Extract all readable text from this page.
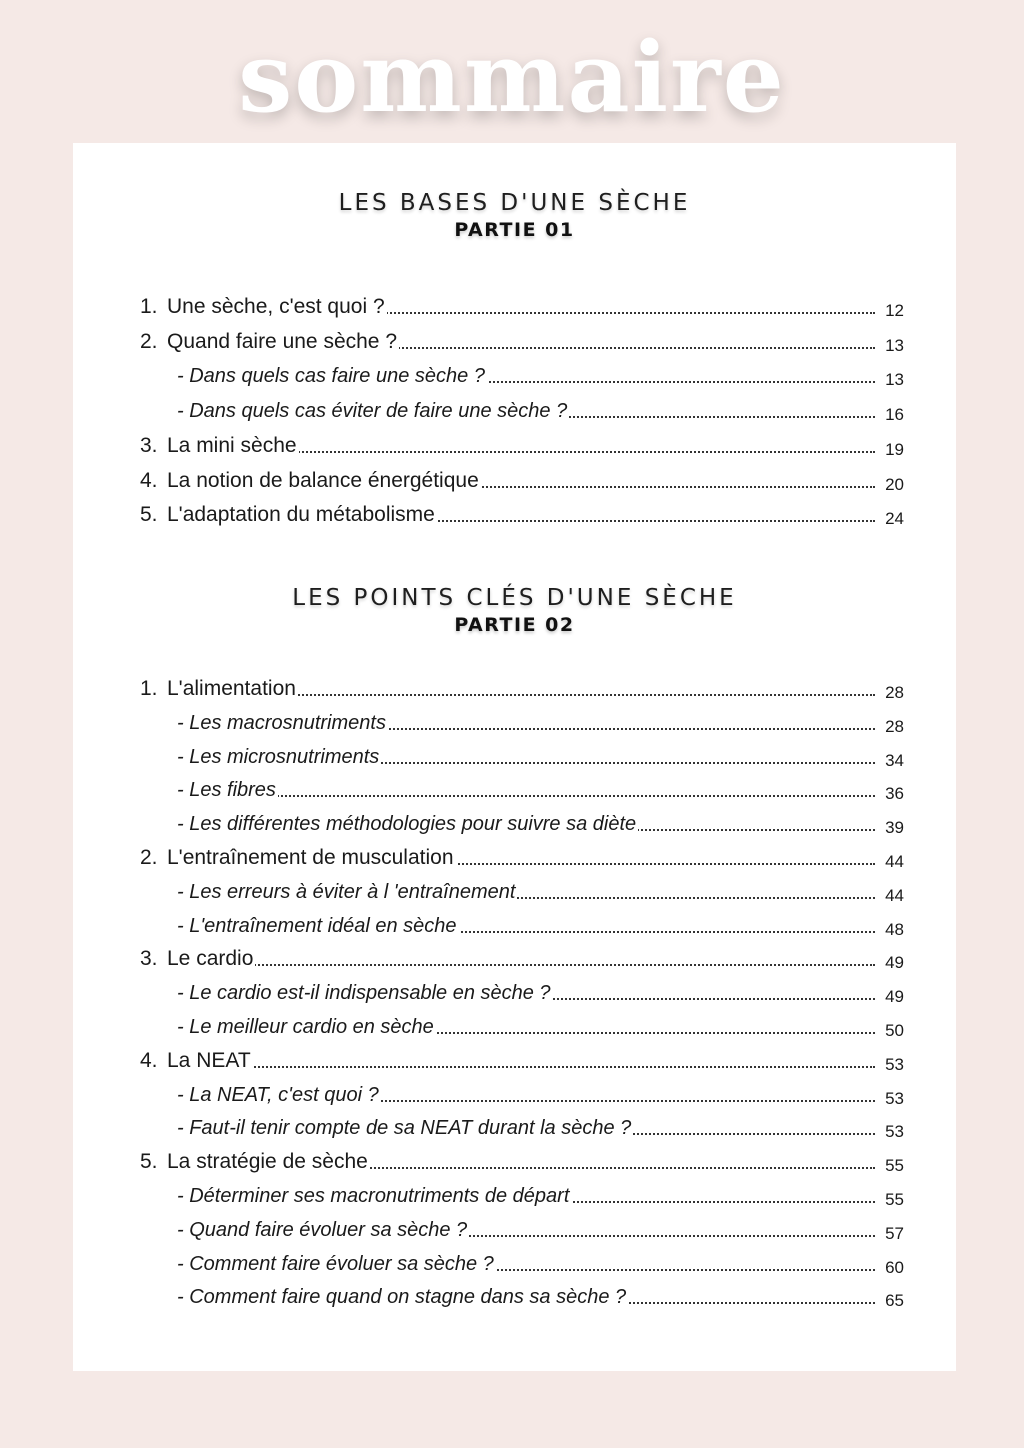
sommaire
LES BASES D'UNE SÈCHE
PARTIE 01
1. Une sèche, c'est quoi ?	12
2. Quand faire une sèche ?	13
- Dans quels cas faire une sèche ?	13
- Dans quels cas éviter de faire une sèche ?	16
3. La mini sèche	19
4. La notion de balance énergétique	20
5. L'adaptation du métabolisme	24
LES POINTS CLÉS D'UNE SÈCHE
PARTIE 02
1. L'alimentation	28
- Les macrosnutriments	28
- Les microsnutriments	34
- Les fibres	36
- Les différentes méthodologies pour suivre sa diète	39
2. L'entraînement de musculation	44
- Les erreurs à éviter à l 'entraînement	44
- L'entraînement idéal en sèche	48
3. Le cardio	49
- Le cardio est-il indispensable en sèche ?	49
- Le meilleur cardio en sèche	50
4. La NEAT	53
- La NEAT, c'est quoi ?	53
- Faut-il tenir compte de sa NEAT durant la sèche ?	53
5. La stratégie de sèche	55
- Déterminer ses macronutriments de départ	55
- Quand faire évoluer sa sèche ?	57
- Comment faire évoluer sa sèche ?	60
- Comment faire quand on stagne dans sa sèche ?	65
